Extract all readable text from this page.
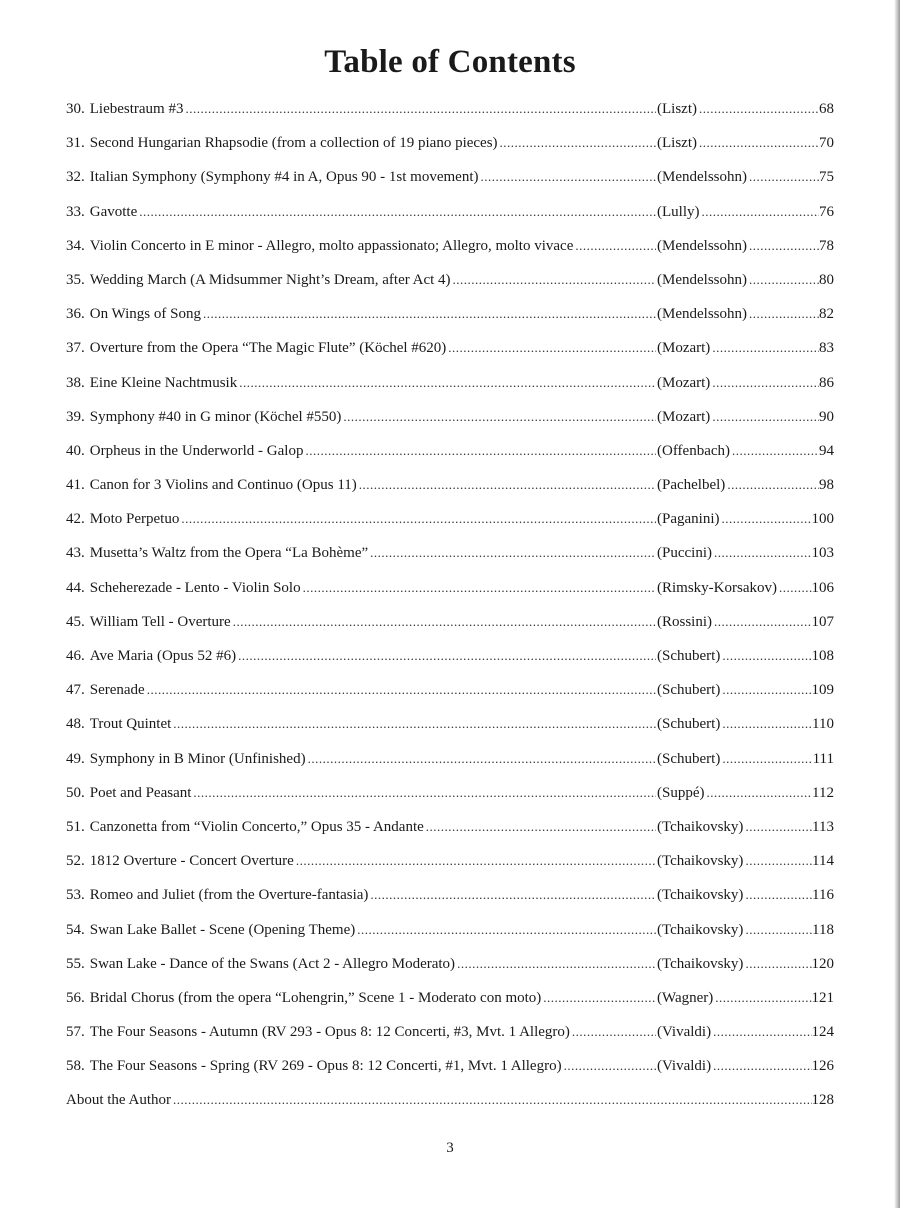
Table of Contents
30. Liebestraum #3 .....	(Liszt) .....	68
31. Second Hungarian Rhapsodie (from a collection of 19 piano pieces) .....	(Liszt) .....	70
32. Italian Symphony (Symphony #4 in A, Opus 90 - 1st movement) .....	(Mendelssohn) .....	75
33. Gavotte .....	(Lully) .....	76
34. Violin Concerto in E minor - Allegro, molto appassionato; Allegro, molto vivace .....	(Mendelssohn) .....	78
35. Wedding March (A Midsummer Night’s Dream, after Act 4) .....	(Mendelssohn) .....	80
36. On Wings of Song .....	(Mendelssohn) .....	82
37. Overture from the Opera “The Magic Flute” (Köchel #620) .....	(Mozart) .....	83
38. Eine Kleine Nachtmusik .....	(Mozart) .....	86
39. Symphony #40 in G minor (Köchel #550) .....	(Mozart) .....	90
40. Orpheus in the Underworld - Galop .....	(Offenbach) .....	94
41. Canon for 3 Violins and Continuo (Opus 11) .....	(Pachelbel) .....	98
42. Moto Perpetuo .....	(Paganini) .....	100
43. Musetta’s Waltz from the Opera “La Bohème” .....	(Puccini) .....	103
44. Scheherezade - Lento - Violin Solo .....	(Rimsky-Korsakov) ..... 106
45. William Tell - Overture .....	(Rossini) .....	107
46. Ave Maria (Opus 52 #6) .....	(Schubert) .....	108
47. Serenade .....	(Schubert) .....	109
48. Trout Quintet .....	(Schubert) .....	110
49. Symphony in B Minor (Unfinished) .....	(Schubert) .....	111
50. Poet and Peasant .....	(Suppé) .....	112
51. Canzonetta from “Violin Concerto,” Opus 35 - Andante .....	(Tchaikovsky) .....	113
52. 1812 Overture - Concert Overture .....	(Tchaikovsky) .....	114
53. Romeo and Juliet (from the Overture-fantasia) .....	(Tchaikovsky) .....	116
54. Swan Lake Ballet - Scene (Opening Theme) .....	(Tchaikovsky) .....	118
55. Swan Lake - Dance of the Swans (Act 2 - Allegro Moderato) .....	(Tchaikovsky) .....	120
56. Bridal Chorus (from the opera “Lohengrin,” Scene 1 - Moderato con moto) .....	(Wagner) .....	121
57. The Four Seasons - Autumn (RV 293 - Opus 8: 12 Concerti, #3, Mvt. 1 Allegro) .....	(Vivaldi) .....	124
58. The Four Seasons - Spring (RV 269 - Opus 8: 12 Concerti, #1, Mvt. 1 Allegro) .....	(Vivaldi) .....	126
About the Author .....	128
3
